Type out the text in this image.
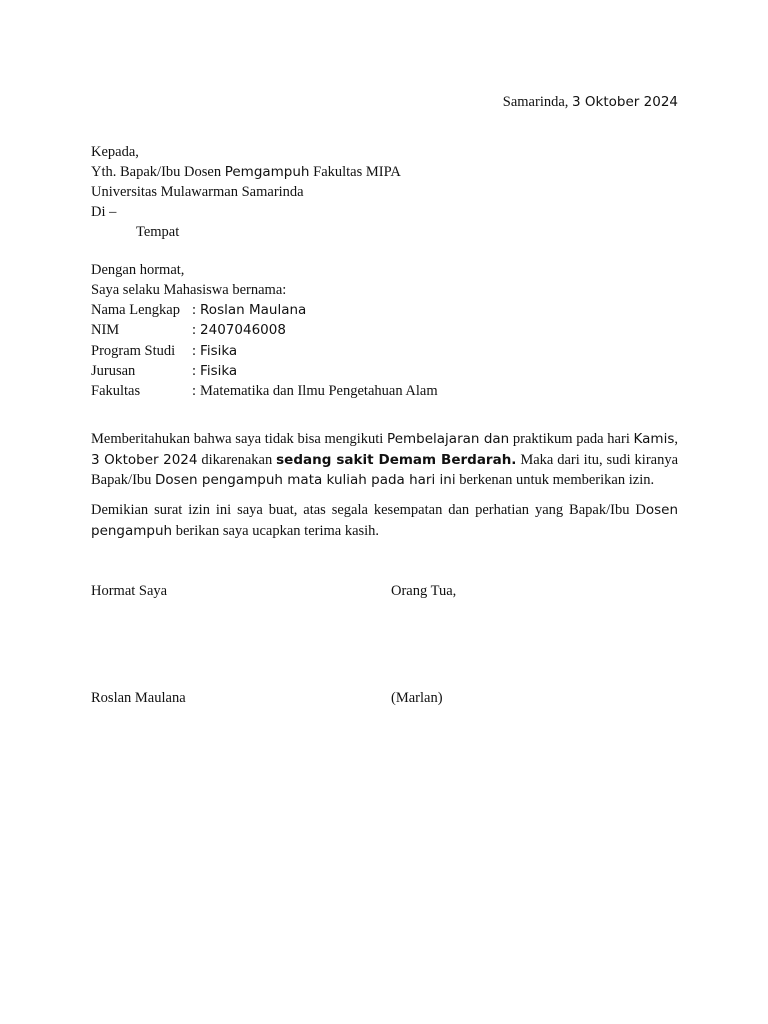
Samarinda, 3 Oktober 2024
Kepada,
Yth. Bapak/Ibu Dosen Pemgampuh Fakultas MIPA
Universitas Mulawarman Samarinda
Di –
Tempat
Dengan hormat,
Saya selaku Mahasiswa bernama:
Nama Lengkap : Roslan Maulana
NIM	: 2407046008
Program Studi	: Fisika
Jurusan	: Fisika
Fakultas	: Matematika dan Ilmu Pengetahuan Alam
Memberitahukan bahwa saya tidak bisa mengikuti Pembelajaran dan praktikum pada hari Kamis, 3 Oktober 2024 dikarenakan sedang sakit Demam Berdarah. Maka dari itu, sudi kiranya Bapak/Ibu Dosen pengampuh mata kuliah pada hari ini berkenan untuk memberikan izin.
Demikian surat izin ini saya buat, atas segala kesempatan dan perhatian yang Bapak/Ibu Dosen pengampuh berikan saya ucapkan terima kasih.
Hormat Saya	Orang Tua,
Roslan Maulana	(Marlan)
